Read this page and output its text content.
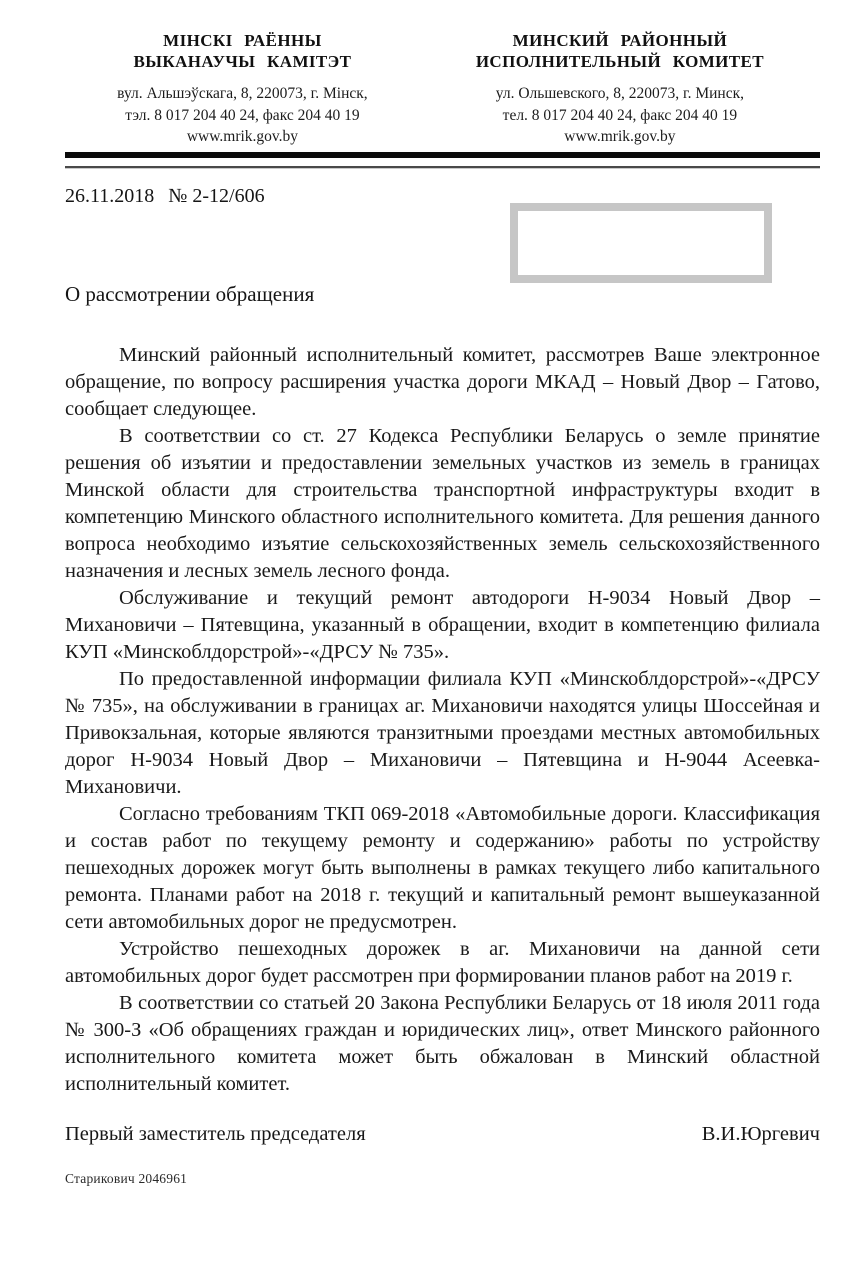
МІНСКІ РАЁННЫ
ВЫКАНАУЧЫ КАМІТЭТ
вул. Альшэўскага, 8, 220073, г. Мінск,
тэл. 8 017 204 40 24, факс 204 40 19
www.mrik.gov.by
МИНСКИЙ РАЙОННЫЙ
ИСПОЛНИТЕЛЬНЫЙ КОМИТЕТ
ул. Ольшевского, 8, 220073, г. Минск,
тел. 8 017 204 40 24, факс 204 40 19
www.mrik.gov.by
26.11.2018 № 2-12/606
О рассмотрении обращения

Минский районный исполнительный комитет, рассмотрев Ваше электронное обращение, по вопросу расширения участка дороги МКАД – Новый Двор – Гатово, сообщает следующее.

В соответствии со ст. 27 Кодекса Республики Беларусь о земле принятие решения об изъятии и предоставлении земельных участков из земель в границах Минской области для строительства транспортной инфраструктуры входит в компетенцию Минского областного исполнительного комитета. Для решения данного вопроса необходимо изъятие сельскохозяйственных земель сельскохозяйственного назначения и лесных земель лесного фонда.

Обслуживание и текущий ремонт автодороги Н-9034 Новый Двор – Михановичи – Пятевщина, указанный в обращении, входит в компетенцию филиала КУП «Минскоблдорстрой»-«ДРСУ № 735».

По предоставленной информации филиала КУП «Минскоблдорстрой»-«ДРСУ № 735», на обслуживании в границах аг. Михановичи находятся улицы Шоссейная и Привокзальная, которые являются транзитными проездами местных автомобильных дорог Н-9034 Новый Двор – Михановичи – Пятевщина и Н-9044 Асеевка-Михановичи.

Согласно требованиям ТКП 069-2018 «Автомобильные дороги. Классификация и состав работ по текущему ремонту и содержанию» работы по устройству пешеходных дорожек могут быть выполнены в рамках текущего либо капитального ремонта. Планами работ на 2018 г. текущий и капитальный ремонт вышеуказанной сети автомобильных дорог не предусмотрен.

Устройство пешеходных дорожек в аг. Михановичи на данной сети автомобильных дорог будет рассмотрен при формировании планов работ на 2019 г.

В соответствии со статьей 20 Закона Республики Беларусь от 18 июля 2011 года № 300-З «Об обращениях граждан и юридических лиц», ответ Минского районного исполнительного комитета может быть обжалован в Минский областной исполнительный комитет.

Первый заместитель председателя	В.И.Юргевич
Старикович 2046961
